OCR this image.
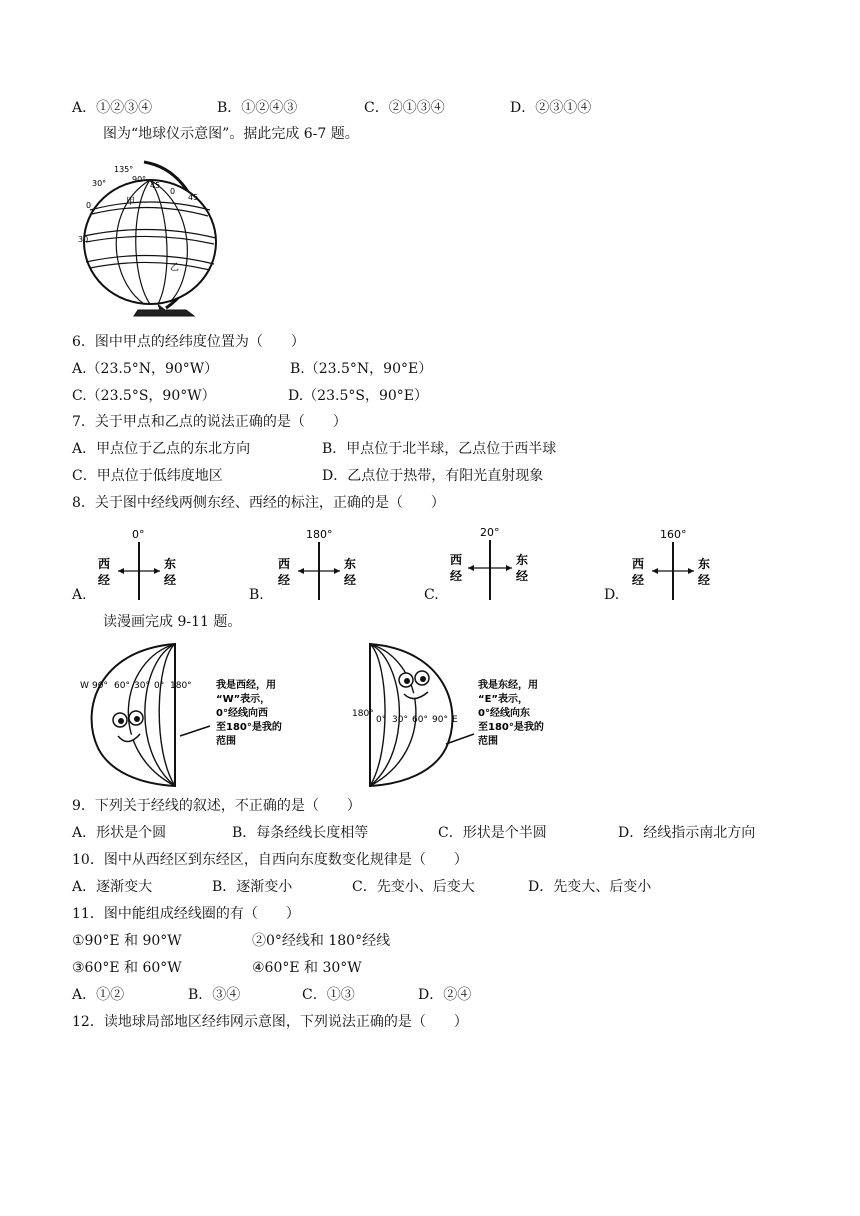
A．①②③④	B．①②④③	C．②①③④	D．②③①④
图为“地球仪示意图”。据此完成 6-7 题。
30°
135°
90°
45
0
45
0
30
甲
乙
6．图中甲点的经纬度位置为（　　）
A.（23.5°N，90°W）	B.（23.5°N，90°E）
C.（23.5°S，90°W）	D.（23.5°S，90°E）
7．关于甲点和乙点的说法正确的是（　　）
A．甲点位于乙点的东北方向	B．甲点位于北半球，乙点位于西半球
C．甲点位于低纬度地区	D．乙点位于热带，有阳光直射现象
8．关于图中经线两侧东经、西经的标注，正确的是（　　）
A.	B.	C.	D.
0°
西
经
东
经
180°
西
经
东
经
20°
西
经
东
经
160°
西
经
东
经
读漫画完成 9-11 题。
W 90° 60° 30° 0° 180° 我是西经，用
“W”表示，
0°经线向西
至180°是我的
范围
180°
0° 30° 60° 90° E
我是东经，用
“E”表示，
0°经线向东
至180°是我的
范围
9．下列关于经线的叙述，不正确的是（　　）
A．形状是个圆	B．每条经线长度相等	C．形状是个半圆	D．经线指示南北方向
10．图中从西经区到东经区，自西向东度数变化规律是（　　）
A．逐渐变大	B．逐渐变小	C．先变小、后变大	D．先变大、后变小
11．图中能组成经线圈的有（　　）
①90°E 和 90°W	②0°经线和 180°经线
③60°E 和 60°W	④60°E 和 30°W
A．①②	B．③④	C．①③	D．②④
12．读地球局部地区经纬网示意图，下列说法正确的是（　　）
